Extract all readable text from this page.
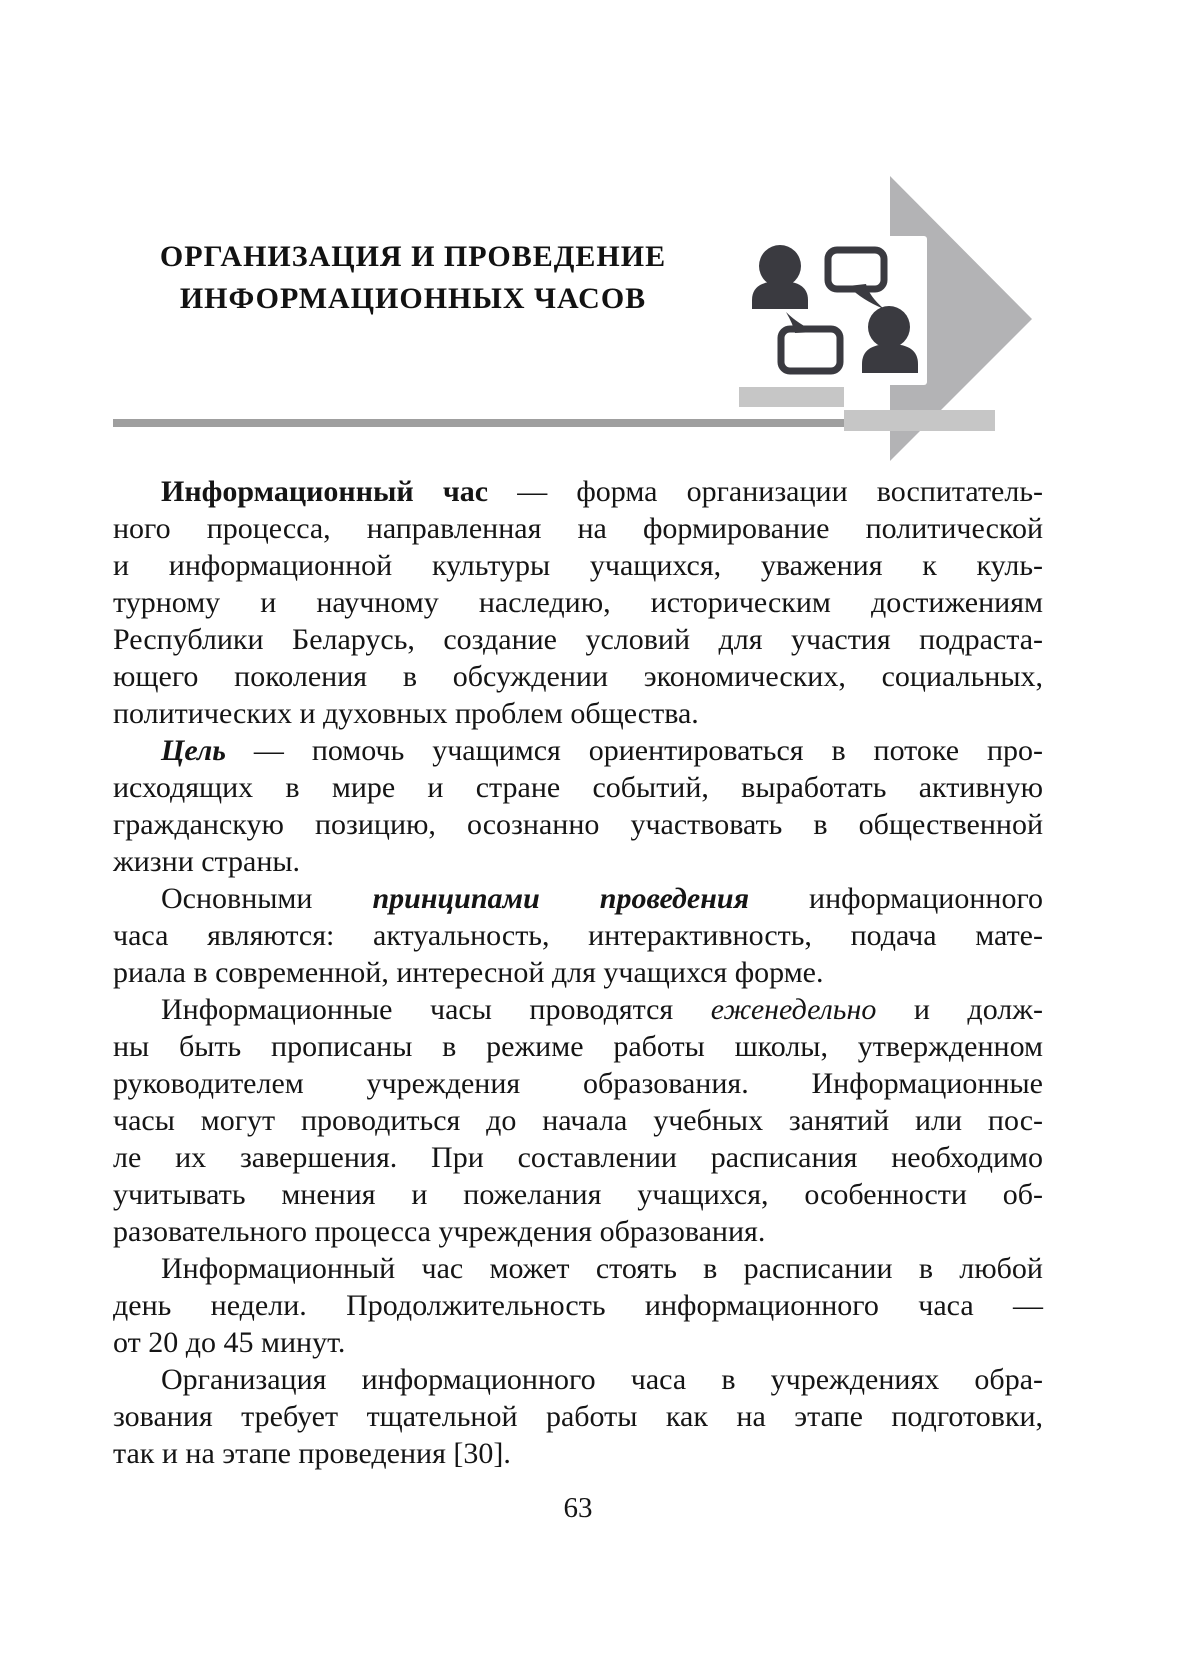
ОРГАНИЗАЦИЯ И ПРОВЕДЕНИЕ
ИНФОРМАЦИОННЫХ ЧАСОВ
Информационный час — форма организации воспитатель-
ного процесса, направленная на формирование политической
и информационной культуры учащихся, уважения к куль-
турному и научному наследию, историческим достижениям
Республики Беларусь, создание условий для участия подраста-
ющего поколения в обсуждении экономических, социальных,
политических и духовных проблем общества.
Цель — помочь учащимся ориентироваться в потоке про-
исходящих в мире и стране событий, выработать активную
гражданскую позицию, осознанно участвовать в общественной
жизни страны.
Основными принципами проведения информационного
часа являются: актуальность, интерактивность, подача мате-
риала в современной, интересной для учащихся форме.
Информационные часы проводятся еженедельно и долж-
ны быть прописаны в режиме работы школы, утвержденном
руководителем учреждения образования. Информационные
часы могут проводиться до начала учебных занятий или пос-
ле их завершения. При составлении расписания необходимо
учитывать мнения и пожелания учащихся, особенности об-
разовательного процесса учреждения образования.
Информационный час может стоять в расписании в любой
день недели. Продолжительность информационного часа —
от 20 до 45 минут.
Организация информационного часа в учреждениях обра-
зования требует тщательной работы как на этапе подготовки,
так и на этапе проведения [30].
63
